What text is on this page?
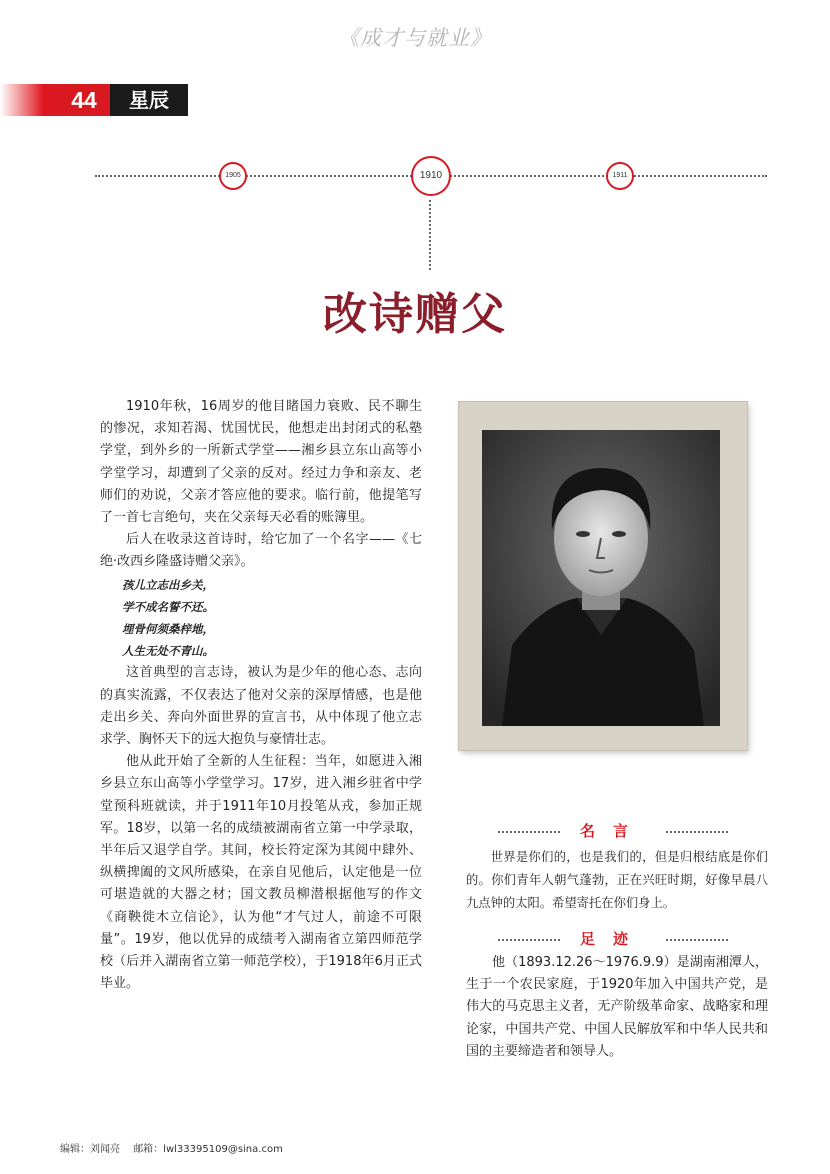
《成才与就业》
44	星辰
1905	1910	1911
改诗赠父

1910年秋，16周岁的他目睹国力衰败、民不聊生的惨况，求知若渴、忧国忧民，他想走出封闭式的私塾学堂，到外乡的一所新式学堂——湘乡县立东山高等小学堂学习，却遭到了父亲的反对。经过力争和亲友、老师们的劝说，父亲才答应他的要求。临行前，他提笔写了一首七言绝句，夹在父亲每天必看的账簿里。

后人在收录这首诗时，给它加了一个名字——《七绝·改西乡隆盛诗赠父亲》。

孩儿立志出乡关，
学不成名誓不还。
埋骨何须桑梓地，
人生无处不青山。

这首典型的言志诗，被认为是少年的他心态、志向的真实流露，不仅表达了他对父亲的深厚情感，也是他走出乡关、奔向外面世界的宣言书，从中体现了他立志求学、胸怀天下的远大抱负与豪情壮志。

他从此开始了全新的人生征程：当年，如愿进入湘乡县立东山高等小学堂学习。17岁，进入湘乡驻省中学堂预科班就读，并于1911年10月投笔从戎，参加正规军。18岁，以第一名的成绩被湖南省立第一中学录取，半年后又退学自学。其间，校长符定深为其阅中肆外、纵横捭阖的文风所感染，在亲自见他后，认定他是一位可堪造就的大器之材；国文教员柳潜根据他写的作文《商鞅徙木立信论》，认为他“才气过人，前途不可限量”。19岁，他以优异的成绩考入湖南省立第四师范学校（后并入湖南省立第一师范学校），于1918年6月正式毕业。

名言
世界是你们的，也是我们的，但是归根结底是你们的。你们青年人朝气蓬勃，正在兴旺时期，好像早晨八九点钟的太阳。希望寄托在你们身上。
足迹
他（1893.12.26～1976.9.9）是湖南湘潭人，生于一个农民家庭，于1920年加入中国共产党，是伟大的马克思主义者，无产阶级革命家、战略家和理论家，中国共产党、中国人民解放军和中华人民共和国的主要缔造者和领导人。
编辑：刘闻亮 邮箱：lwl33395109@sina.com
